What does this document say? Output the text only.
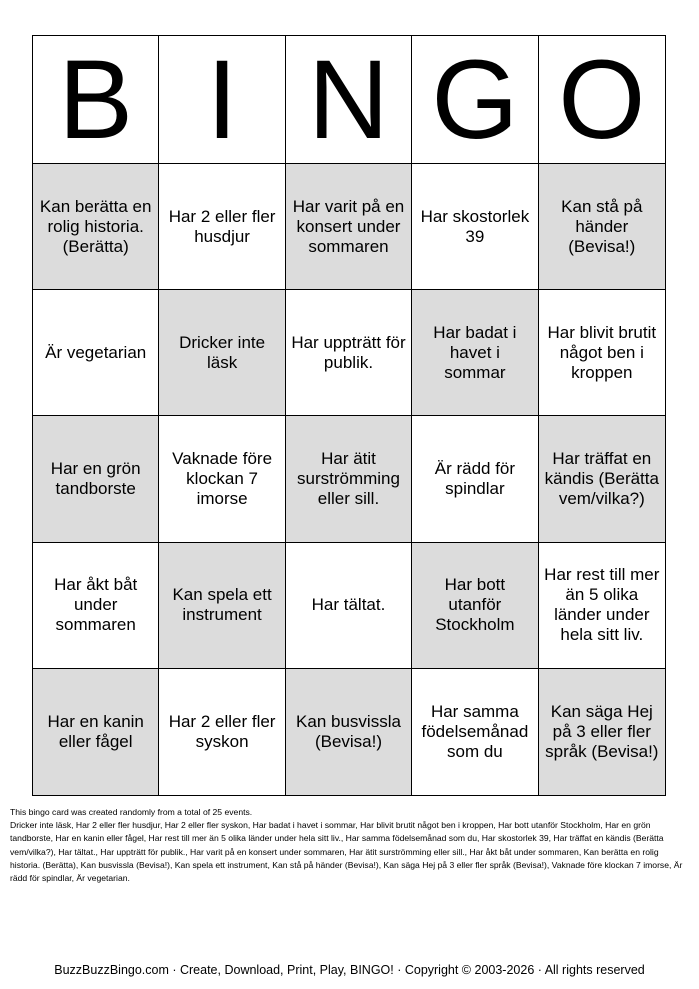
B I N G O
Kan berätta en rolig historia. (Berätta)
Har 2 eller fler husdjur
Har varit på en konsert under sommaren
Har skostorlek 39
Kan stå på händer (Bevisa!)
Är vegetarian
Dricker inte läsk
Har uppträtt för publik.
Har badat i havet i sommar
Har blivit brutit något ben i kroppen
Har en grön tandborste
Vaknade före klockan 7 imorse
Har ätit surströmming eller sill.
Är rädd för spindlar
Har träffat en kändis (Berätta vem/vilka?)
Har åkt båt under sommaren
Kan spela ett instrument
Har tältat.
Har bott utanför Stockholm
Har rest till mer än 5 olika länder under hela sitt liv.
Har en kanin eller fågel
Har 2 eller fler syskon
Kan busvissla (Bevisa!)
Har samma födelsemånad som du
Kan säga Hej på 3 eller fler språk (Bevisa!)
This bingo card was created randomly from a total of 25 events.
Dricker inte läsk, Har 2 eller fler husdjur, Har 2 eller fler syskon, Har badat i havet i sommar, Har blivit brutit något ben i kroppen, Har bott utanför Stockholm, Har en grön tandborste, Har en kanin eller fågel, Har rest till mer än 5 olika länder under hela sitt liv., Har samma födelsemånad som du, Har skostorlek 39, Har träffat en kändis (Berätta vem/vilka?), Har tältat., Har uppträtt för publik., Har varit på en konsert under sommaren, Har ätit surströmming eller sill., Har åkt båt under sommaren, Kan berätta en rolig historia. (Berätta), Kan busvissla (Bevisa!), Kan spela ett instrument, Kan stå på händer (Bevisa!), Kan säga Hej på 3 eller fler språk (Bevisa!), Vaknade före klockan 7 imorse, Är rädd för spindlar, Är vegetarian.
BuzzBuzzBingo.com · Create, Download, Print, Play, BINGO! · Copyright © 2003-2026 · All rights reserved
